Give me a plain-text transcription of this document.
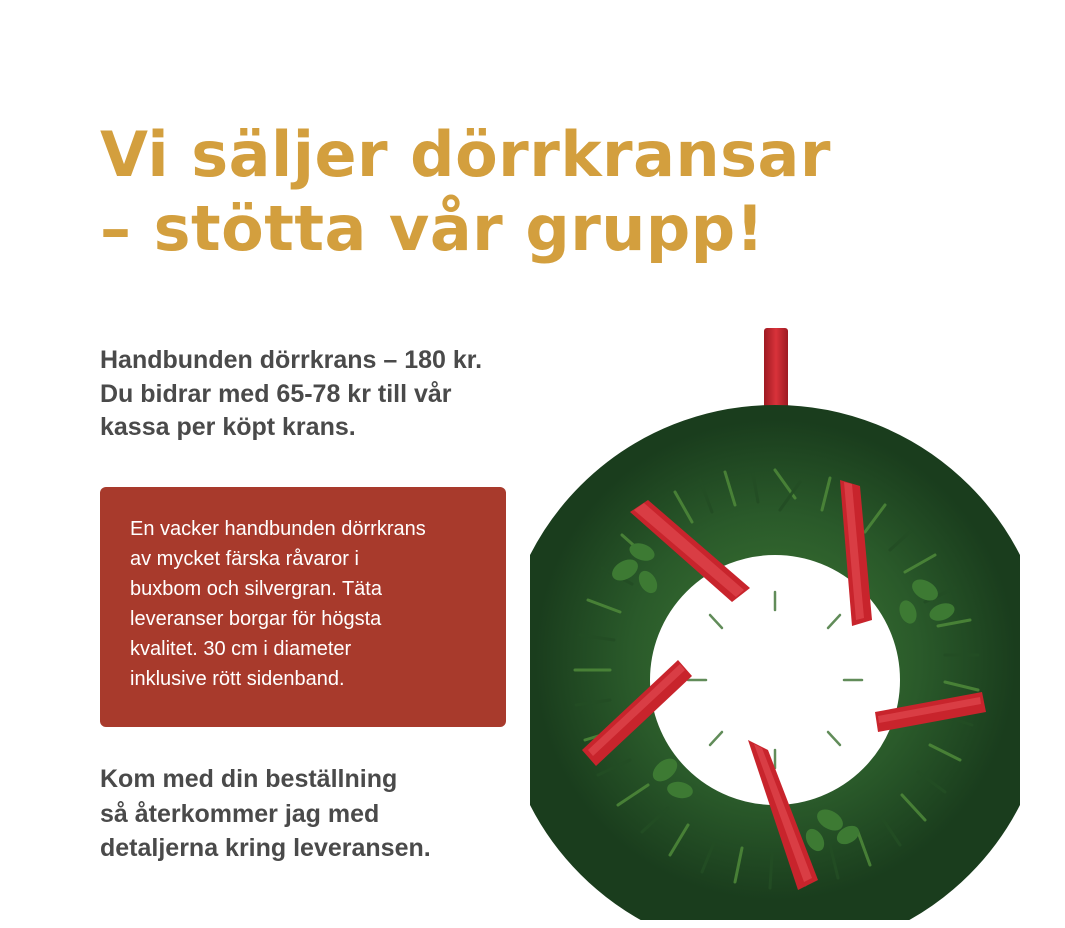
Vi säljer dörrkransar
– stötta vår grupp!

Handbunden dörrkrans – 180 kr.
Du bidrar med 65-78 kr till vår
kassa per köpt krans.

En vacker handbunden dörrkrans
av mycket färska råvaror i
buxbom och silvergran. Täta
leveranser borgar för högsta
kvalitet. 30 cm i diameter
inklusive rött sidenband.

Kom med din beställning
så återkommer jag med
detaljerna kring leveransen.
